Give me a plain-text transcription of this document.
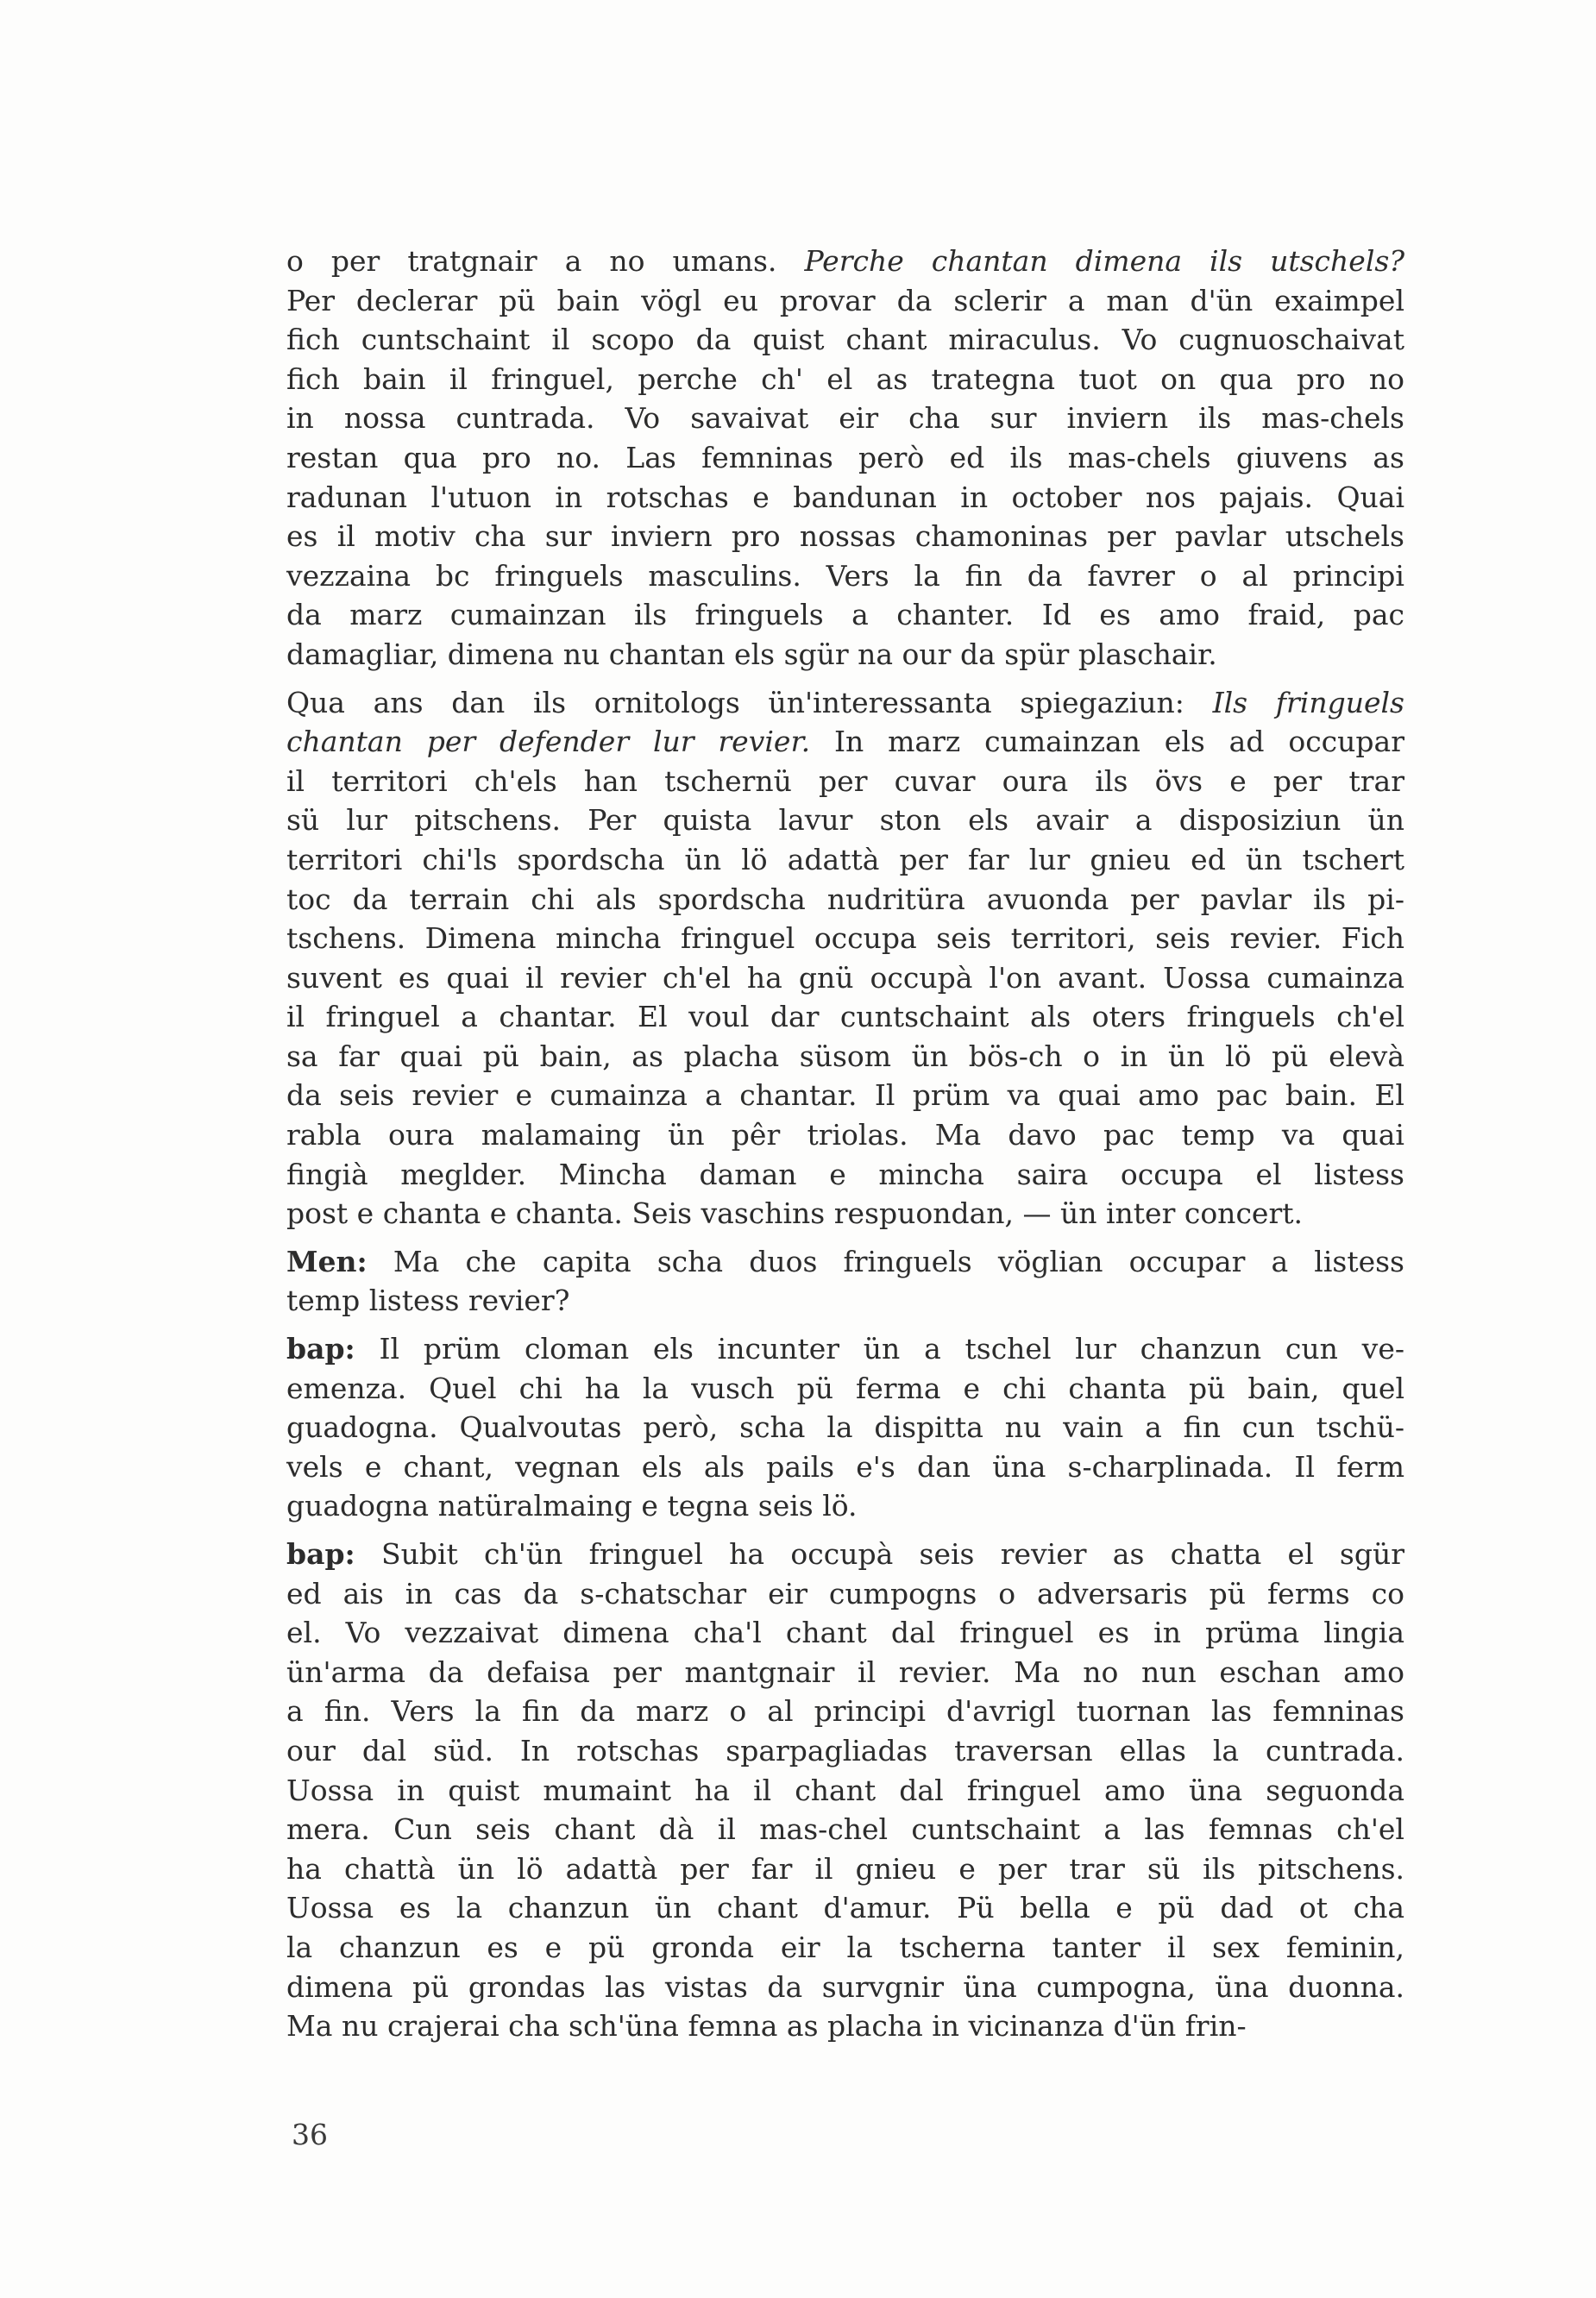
o per tratgnair a no umans. Perche chantan dimena ils utschels?
Per declerar pü bain vögl eu provar da sclerir a man d'ün exaimpel
fich cuntschaint il scopo da quist chant miraculus. Vo cugnuoschaivat
fich bain il fringuel, perche ch' el as trategna tuot on qua pro no
in nossa cuntrada. Vo savaivat eir cha sur inviern ils mas-chels
restan qua pro no. Las femninas però ed ils mas-chels giuvens as
radunan l'utuon in rotschas e bandunan in october nos pajais. Quai
es il motiv cha sur inviern pro nossas chamoninas per pavlar utschels
vezzaina bc fringuels masculins. Vers la fin da favrer o al principi
da marz cumainzan ils fringuels a chanter. Id es amo fraid, pac
damagliar, dimena nu chantan els sgür na our da spür plaschair.

Qua ans dan ils ornitologs ün'interessanta spiegaziun: Ils fringuels
chantan per defender lur revier. In marz cumainzan els ad occupar
il territori ch'els han tschernü per cuvar oura ils övs e per trar
sü lur pitschens. Per quista lavur ston els avair a disposiziun ün
territori chi'ls spordscha ün lö adattà per far lur gnieu ed ün tschert
toc da terrain chi als spordscha nudritüra avuonda per pavlar ils pi-
tschens. Dimena mincha fringuel occupa seis territori, seis revier. Fich
suvent es quai il revier ch'el ha gnü occupà l'on avant. Uossa cumainza
il fringuel a chantar. El voul dar cuntschaint als oters fringuels ch'el
sa far quai pü bain, as placha süsom ün bös-ch o in ün lö pü elevà
da seis revier e cumainza a chantar. Il prüm va quai amo pac bain. El
rabla oura malamaing ün pêr triolas. Ma davo pac temp va quai
fingià meglder. Mincha daman e mincha saira occupa el listess
post e chanta e chanta. Seis vaschins respuondan, — ün inter concert.

Men: Ma che capita scha duos fringuels vöglian occupar a listess
temp listess revier?

bap: Il prüm cloman els incunter ün a tschel lur chanzun cun ve-
emenza. Quel chi ha la vusch pü ferma e chi chanta pü bain, quel
guadogna. Qualvoutas però, scha la dispitta nu vain a fin cun tschü-
vels e chant, vegnan els als pails e's dan üna s-charplinada. Il ferm
guadogna natüralmaing e tegna seis lö.

bap: Subit ch'ün fringuel ha occupà seis revier as chatta el sgür
ed ais in cas da s-chatschar eir cumpogns o adversaris pü ferms co
el. Vo vezzaivat dimena cha'l chant dal fringuel es in prüma lingia
ün'arma da defaisa per mantgnair il revier. Ma no nun eschan amo
a fin. Vers la fin da marz o al principi d'avrigl tuornan las femninas
our dal süd. In rotschas sparpagliadas traversan ellas la cuntrada.
Uossa in quist mumaint ha il chant dal fringuel amo üna seguonda
mera. Cun seis chant dà il mas-chel cuntschaint a las femnas ch'el
ha chattà ün lö adattà per far il gnieu e per trar sü ils pitschens.
Uossa es la chanzun ün chant d'amur. Pü bella e pü dad ot cha
la chanzun es e pü gronda eir la tscherna tanter il sex feminin,
dimena pü grondas las vistas da survgnir üna cumpogna, üna duonna.
Ma nu crajerai cha sch'üna femna as placha in vicinanza d'ün frin-

36
